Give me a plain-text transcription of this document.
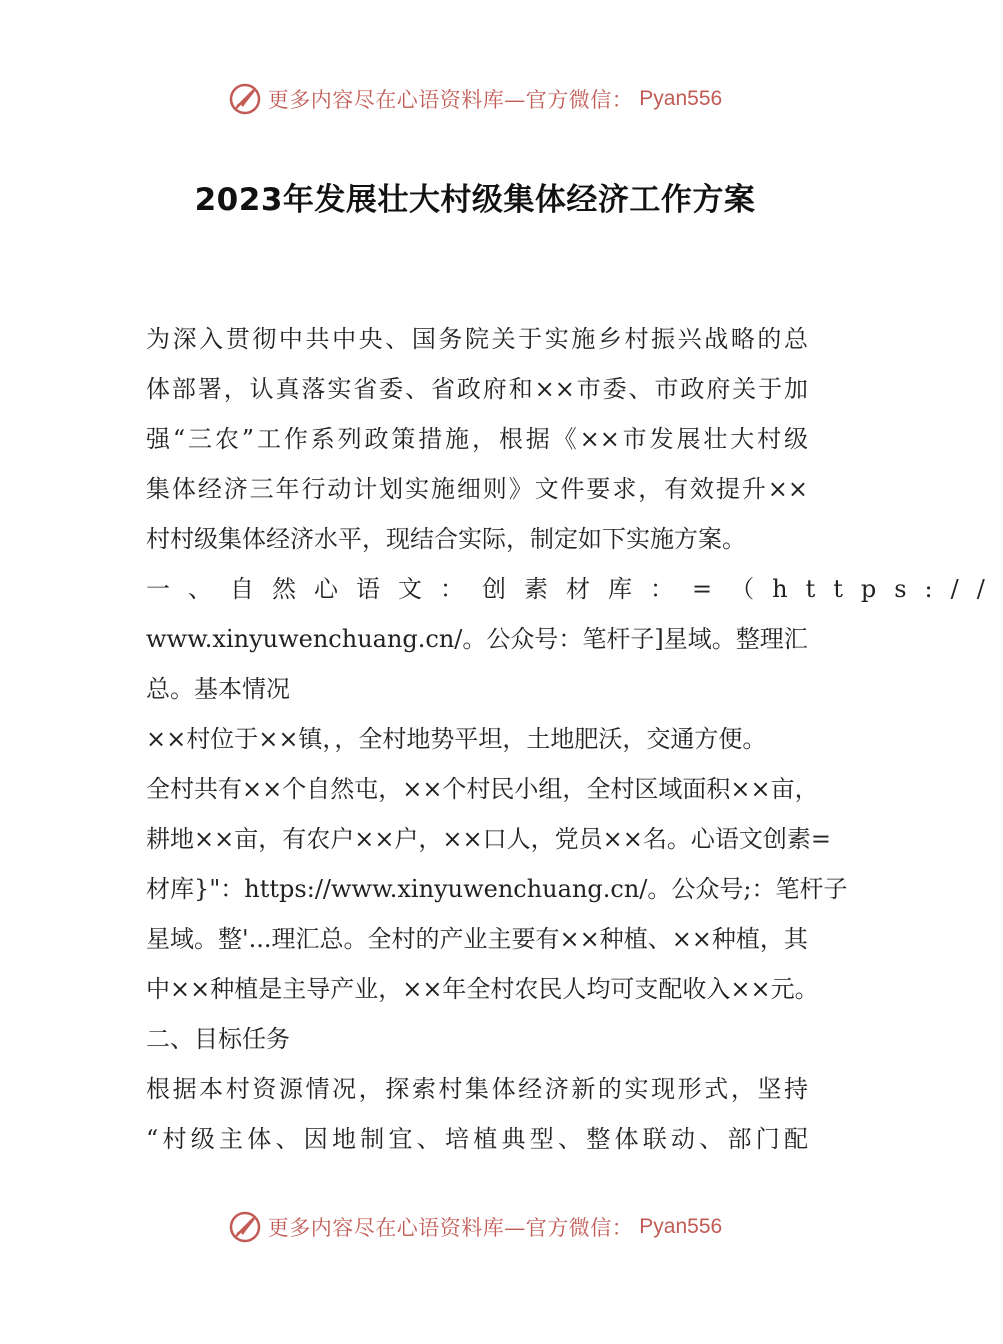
更多内容尽在心语资料库—官方微信： Pyan556
2023年发展壮大村级集体经济工作方案
为深入贯彻中共中央、国务院关于实施乡村振兴战略的总
体部署，认真落实省委、省政府和××市委、市政府关于加
强“三农”工作系列政策措施，根据《××市发展壮大村级
集体经济三年行动计划实施细则》文件要求，有效提升××
村村级集体经济水平，现结合实际，制定如下实施方案。
一、自然心语文：创素材库：=（https://
www.xinyuwenchuang.cn/。公众号：笔杆子]星域。整理汇
总。基本情况
××村位于××镇，，全村地势平坦，土地肥沃，交通方便。
全村共有××个自然屯，××个村民小组，全村区域面积××亩，
耕地××亩，有农户××户，××口人，党员××名。心语文创素=
材库}"：https://www.xinyuwenchuang.cn/。公众号;：笔杆子
星域。整'...理汇总。全村的产业主要有××种植、××种植，其
中××种植是主导产业，××年全村农民人均可支配收入××元。
二、目标任务
根据本村资源情况，探索村集体经济新的实现形式，坚持
“村级主体、因地制宜、培植典型、整体联动、部门配
更多内容尽在心语资料库—官方微信： Pyan556
